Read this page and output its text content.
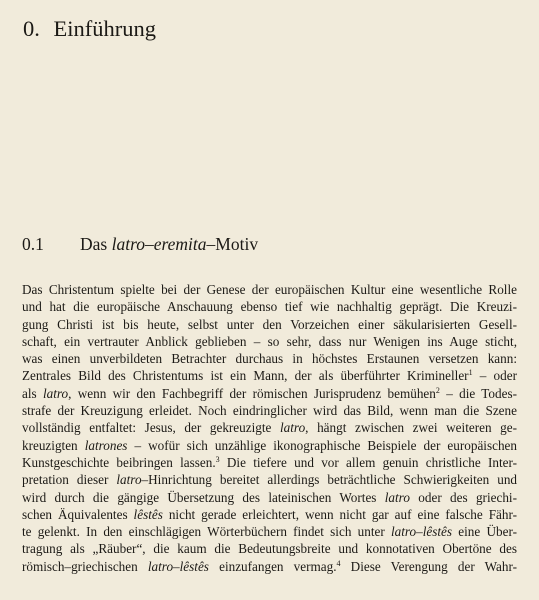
0. Einführung
0.1 Das latro–eremita–Motiv
Das Christentum spielte bei der Genese der europäischen Kultur eine wesentliche Rolle
und hat die europäische Anschauung ebenso tief wie nachhaltig geprägt. Die Kreuzi-
gung Christi ist bis heute, selbst unter den Vorzeichen einer säkularisierten Gesell-
schaft, ein vertrauter Anblick geblieben – so sehr, dass nur Wenigen ins Auge sticht,
was einen unverbildeten Betrachter durchaus in höchstes Erstaunen versetzen kann:
Zentrales Bild des Christentums ist ein Mann, der als überführter Krimineller$^1$ – oder
als latro, wenn wir den Fachbegriff der römischen Jurisprudenz bemühen$^2$ – die Todes-
strafe der Kreuzigung erleidet. Noch eindringlicher wird das Bild, wenn man die Szene
vollständig entfaltet: Jesus, der gekreuzigte latro, hängt zwischen zwei weiteren ge-
kreuzigten latrones – wofür sich unzählige ikonographische Beispiele der europäischen
Kunstgeschichte beibringen lassen.$^3$ Die tiefere und vor allem genuin christliche Inter-
pretation dieser latro–Hinrichtung bereitet allerdings beträchtliche Schwierigkeiten und
wird durch die gängige Übersetzung des lateinischen Wortes latro oder des griechi-
schen Äquivalentes lêstês nicht gerade erleichtert, wenn nicht gar auf eine falsche Fähr-
te gelenkt. In den einschlägigen Wörterbüchern findet sich unter latro–lêstês eine Über-
tragung als „Räuber“, die kaum die Bedeutungsbreite und konnotativen Obertöne des
römisch–griechischen latro–lêstês einzufangen vermag.$^4$ Diese Verengung der Wahr-
